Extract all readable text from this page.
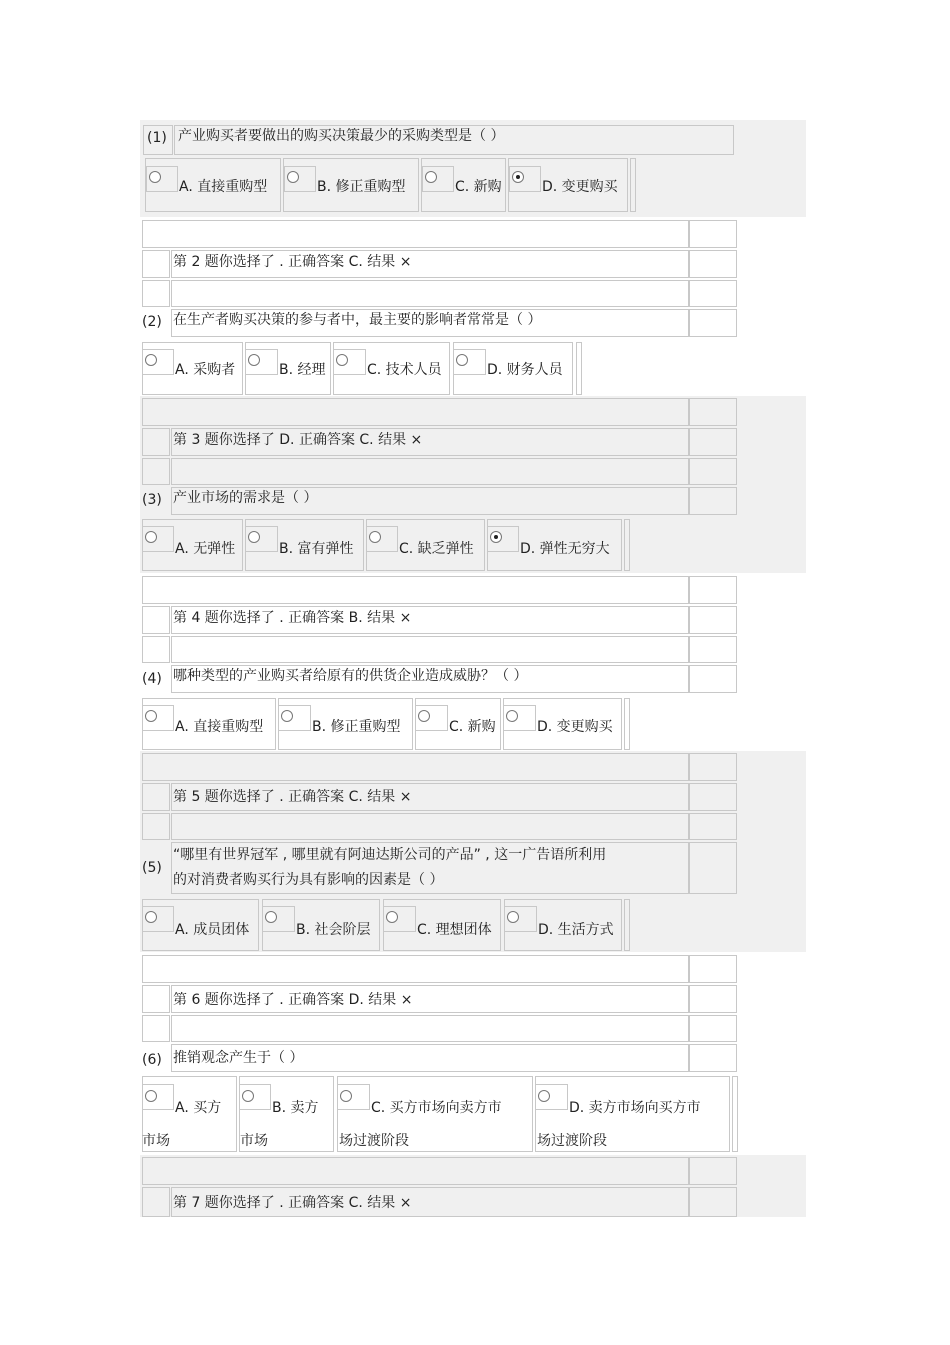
(1) 产业购买者要做出的购买决策最少的采购类型是（ ）
A. 直接重购型	B. 修正重购型	C. 新购	D. 变更购买
第 2 题你选择了 . 正确答案 C. 结果 ×
(2) 在生产者购买决策的参与者中，最主要的影响者常常是（ ）
A. 采购者	B. 经理	C. 技术人员	D. 财务人员
第 3 题你选择了 D. 正确答案 C. 结果 ×
(3) 产业市场的需求是（ ）
A. 无弹性	B. 富有弹性	C. 缺乏弹性	D. 弹性无穷大
第 4 题你选择了 . 正确答案 B. 结果 ×
(4) 哪种类型的产业购买者给原有的供货企业造成威胁？（ ）
A. 直接重购型	B. 修正重购型	C. 新购	D. 变更购买
第 5 题你选择了 . 正确答案 C. 结果 ×
(5)
“哪里有世界冠军 , 哪里就有阿迪达斯公司的产品” , 这一广告语所利用
的对消费者购买行为具有影响的因素是（ ）
A. 成员团体	B. 社会阶层	C. 理想团体	D. 生活方式
第 6 题你选择了 . 正确答案 D. 结果 ×
(6) 推销观念产生于（ ）
A. 买方
市场
B. 卖方
市场
C. 买方市场向卖方市
场过渡阶段
D. 卖方市场向买方市
场过渡阶段
第 7 题你选择了 . 正确答案 C. 结果 ×
